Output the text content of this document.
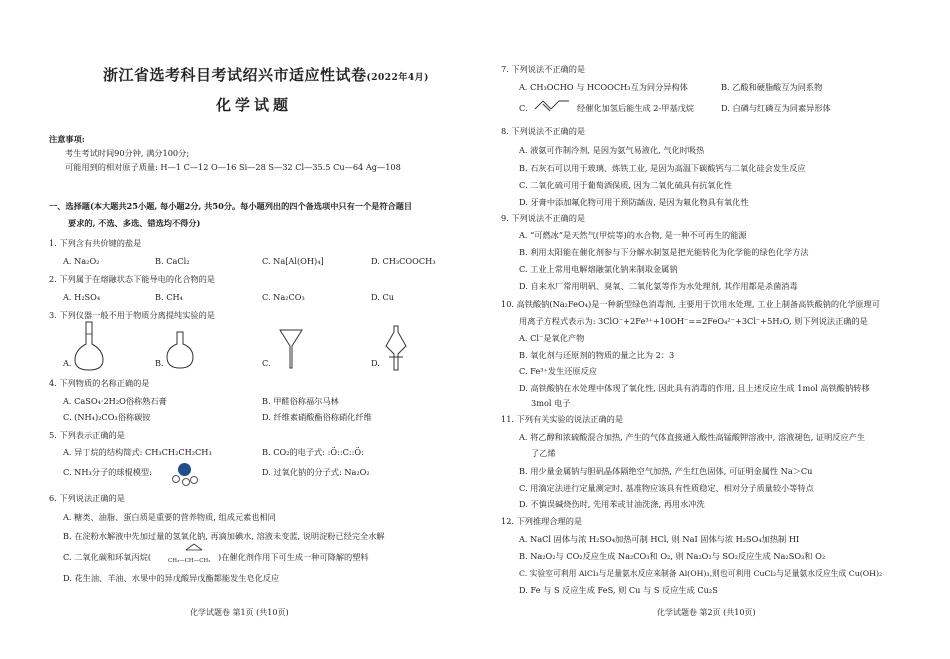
浙江省选考科目考试绍兴市适应性试卷(2022年4月)
化学试题
注意事项:
考生考试时间90分钟, 满分100分;
可能用到的相对原子质量: H—1 C—12 O—16 Si—28 S—32 Cl—35.5 Cu—64 Ag—108
一、选择题(本大题共25小题, 每小题2分, 共50分。每小题列出的四个备选项中只有一个是符合题目
要求的, 不选、多选、错选均不得分)
1. 下列含有共价键的盐是
A. Na₂O₂	B. CaCl₂	C. Na[Al(OH)₄]	D. CH₃COOCH₃
2. 下列属于在熔融状态下能导电的化合物的是
A. H₂SO₄	B. CH₄	C. Na₂CO₃	D. Cu
3. 下列仪器一般不用于物质分离提纯实验的是
A.	B.	C.	D.
4. 下列物质的名称正确的是
A. CaSO₄·2H₂O俗称熟石膏	B. 甲醛俗称福尔马林
C. (NH₄)₂CO₃俗称碳铵	D. 纤维素硝酸酯俗称硝化纤维
5. 下列表示正确的是
A. 异丁烷的结构简式: CH₃CH₂CH₂CH₃	B. CO₂的电子式: :Ö::C::Ö:
C. NH₃分子的球棍模型:	D. 过氧化钠的分子式: Na₂O₂
6. 下列说法正确的是
A. 糖类、油脂、蛋白质是重要的营养物质, 组成元素也相同
B. 在淀粉水解液中先加过量的氢氧化钠, 再滴加碘水, 溶液未变蓝, 说明淀粉已经完全水解
C. 二氧化碳和环氧丙烷(	CH₃—CH—CH₂ )在催化剂作用下可生成一种可降解的塑料
D. 花生油、羊油、水果中的异戊酸异戊酯都能发生皂化反应
化学试题卷 第1页 (共10页)
7. 下列说法不正确的是
A. CH₃OCHO 与 HCOOCH₃互为同分异构体	B. 乙酸和硬脂酸互为同系物
C.	经催化加氢后能生成 2-甲基戊烷	D. 白磷与红磷互为同素异形体
8. 下列说法不正确的是
A. 液氨可作制冷剂, 是因为氨气易液化, 气化时吸热
B. 石灰石可以用于玻璃、炼铁工业, 是因为高温下碳酸钙与二氧化硅会发生反应
C. 二氧化硫可用于葡萄酒保质, 因为二氧化硫具有抗氧化性
D. 牙膏中添加氟化物可用于预防龋齿, 是因为氟化物具有氧化性
9. 下列说法不正确的是
A. “可燃冰”是天然气(甲烷等)的水合物, 是一种不可再生的能源
B. 利用太阳能在催化剂参与下分解水制氢是把光能转化为化学能的绿色化学方法
C. 工业上常用电解熔融氯化钠来制取金属钠
D. 自来水厂常用明矾、臭氧、二氧化氯等作为水处理剂, 其作用都是杀菌消毒
10. 高铁酸钠(Na₂FeO₄)是一种新型绿色消毒剂, 主要用于饮用水处理, 工业上制备高铁酸钠的化学原理可
用离子方程式表示为: 3ClO⁻+2Fe³⁺+10OH⁻==2FeO₄²⁻+3Cl⁻+5H₂O, 则下列说法正确的是
A. Cl⁻是氧化产物
B. 氧化剂与还原剂的物质的量之比为 2：3
C. Fe³⁺发生还原反应
D. 高铁酸钠在水处理中体现了氧化性, 因此具有消毒的作用, 且上述反应生成 1mol 高铁酸钠转移
3mol 电子
11. 下列有关实验的说法正确的是
A. 将乙醇和浓硫酸混合加热, 产生的气体直接通入酸性高锰酸钾溶液中, 溶液褪色, 证明反应产生
了乙烯
B. 用少量金属钠与胆矾晶体隔绝空气加热, 产生红色固体, 可证明金属性 Na＞Cu
C. 用滴定法进行定量测定时, 基准物应该具有性质稳定、相对分子质量较小等特点
D. 不慎误碱烧伤时, 先用苯或甘油洗涤, 再用水冲洗
12. 下列推理合理的是
A. NaCl 固体与浓 H₂SO₄加热可制 HCl, 则 NaI 固体与浓 H₂SO₄加热制 HI
B. Na₂O₂与 CO₂反应生成 Na₂CO₃和 O₂, 则 Na₂O₂与 SO₂反应生成 Na₂SO₃和 O₂
C. 实验室可利用 AlCl₃与足量氨水反应来制备 Al(OH)₃,则也可利用 CuCl₂与足量氨水反应生成 Cu(OH)₂
D. Fe 与 S 反应生成 FeS, 则 Cu 与 S 反应生成 Cu₂S
化学试题卷 第2页 (共10页)
